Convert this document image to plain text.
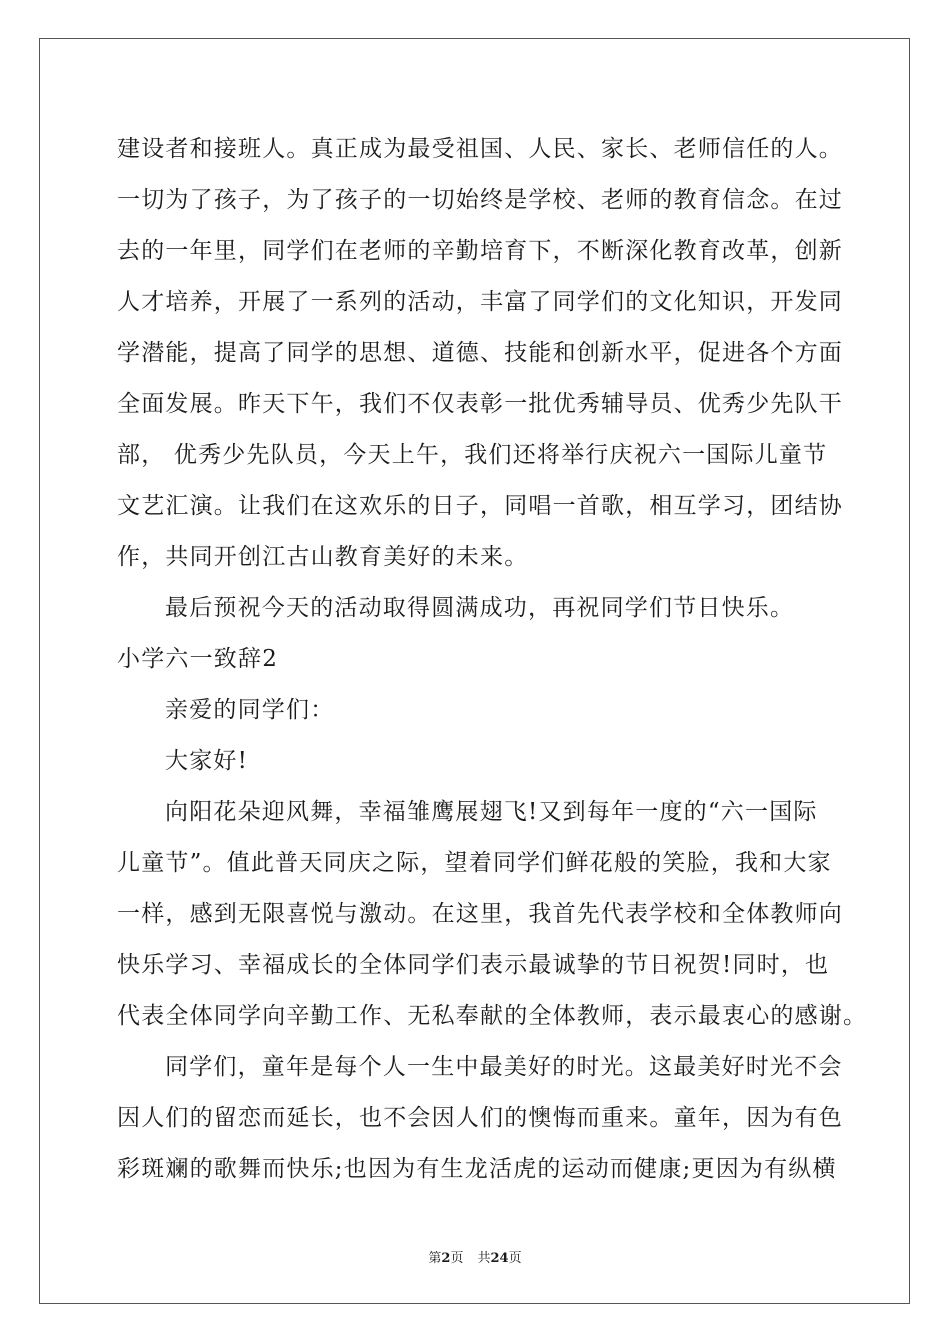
建设者和接班人。真正成为最受祖国、人民、家长、老师信任的人。
一切为了孩子，为了孩子的一切始终是学校、老师的教育信念。在过
去的一年里，同学们在老师的辛勤培育下，不断深化教育改革，创新
人才培养，开展了一系列的活动，丰富了同学们的文化知识，开发同
学潜能，提高了同学的思想、道德、技能和创新水平，促进各个方面
全面发展。昨天下午，我们不仅表彰一批优秀辅导员、优秀少先队干
部， 优秀少先队员，今天上午，我们还将举行庆祝六一国际儿童节
文艺汇演。让我们在这欢乐的日子，同唱一首歌，相互学习，团结协
作，共同开创江古山教育美好的未来。
最后预祝今天的活动取得圆满成功，再祝同学们节日快乐。
小学六一致辞2
亲爱的同学们：
大家好!
向阳花朵迎风舞，幸福雏鹰展翅飞!又到每年一度的“六一国际
儿童节”。值此普天同庆之际，望着同学们鲜花般的笑脸，我和大家
一样，感到无限喜悦与激动。在这里，我首先代表学校和全体教师向
快乐学习、幸福成长的全体同学们表示最诚挚的节日祝贺!同时，也
代表全体同学向辛勤工作、无私奉献的全体教师，表示最衷心的感谢。
同学们，童年是每个人一生中最美好的时光。这最美好时光不会
因人们的留恋而延长，也不会因人们的懊悔而重来。童年，因为有色
彩斑斓的歌舞而快乐;也因为有生龙活虎的运动而健康;更因为有纵横
第2页 共24页
